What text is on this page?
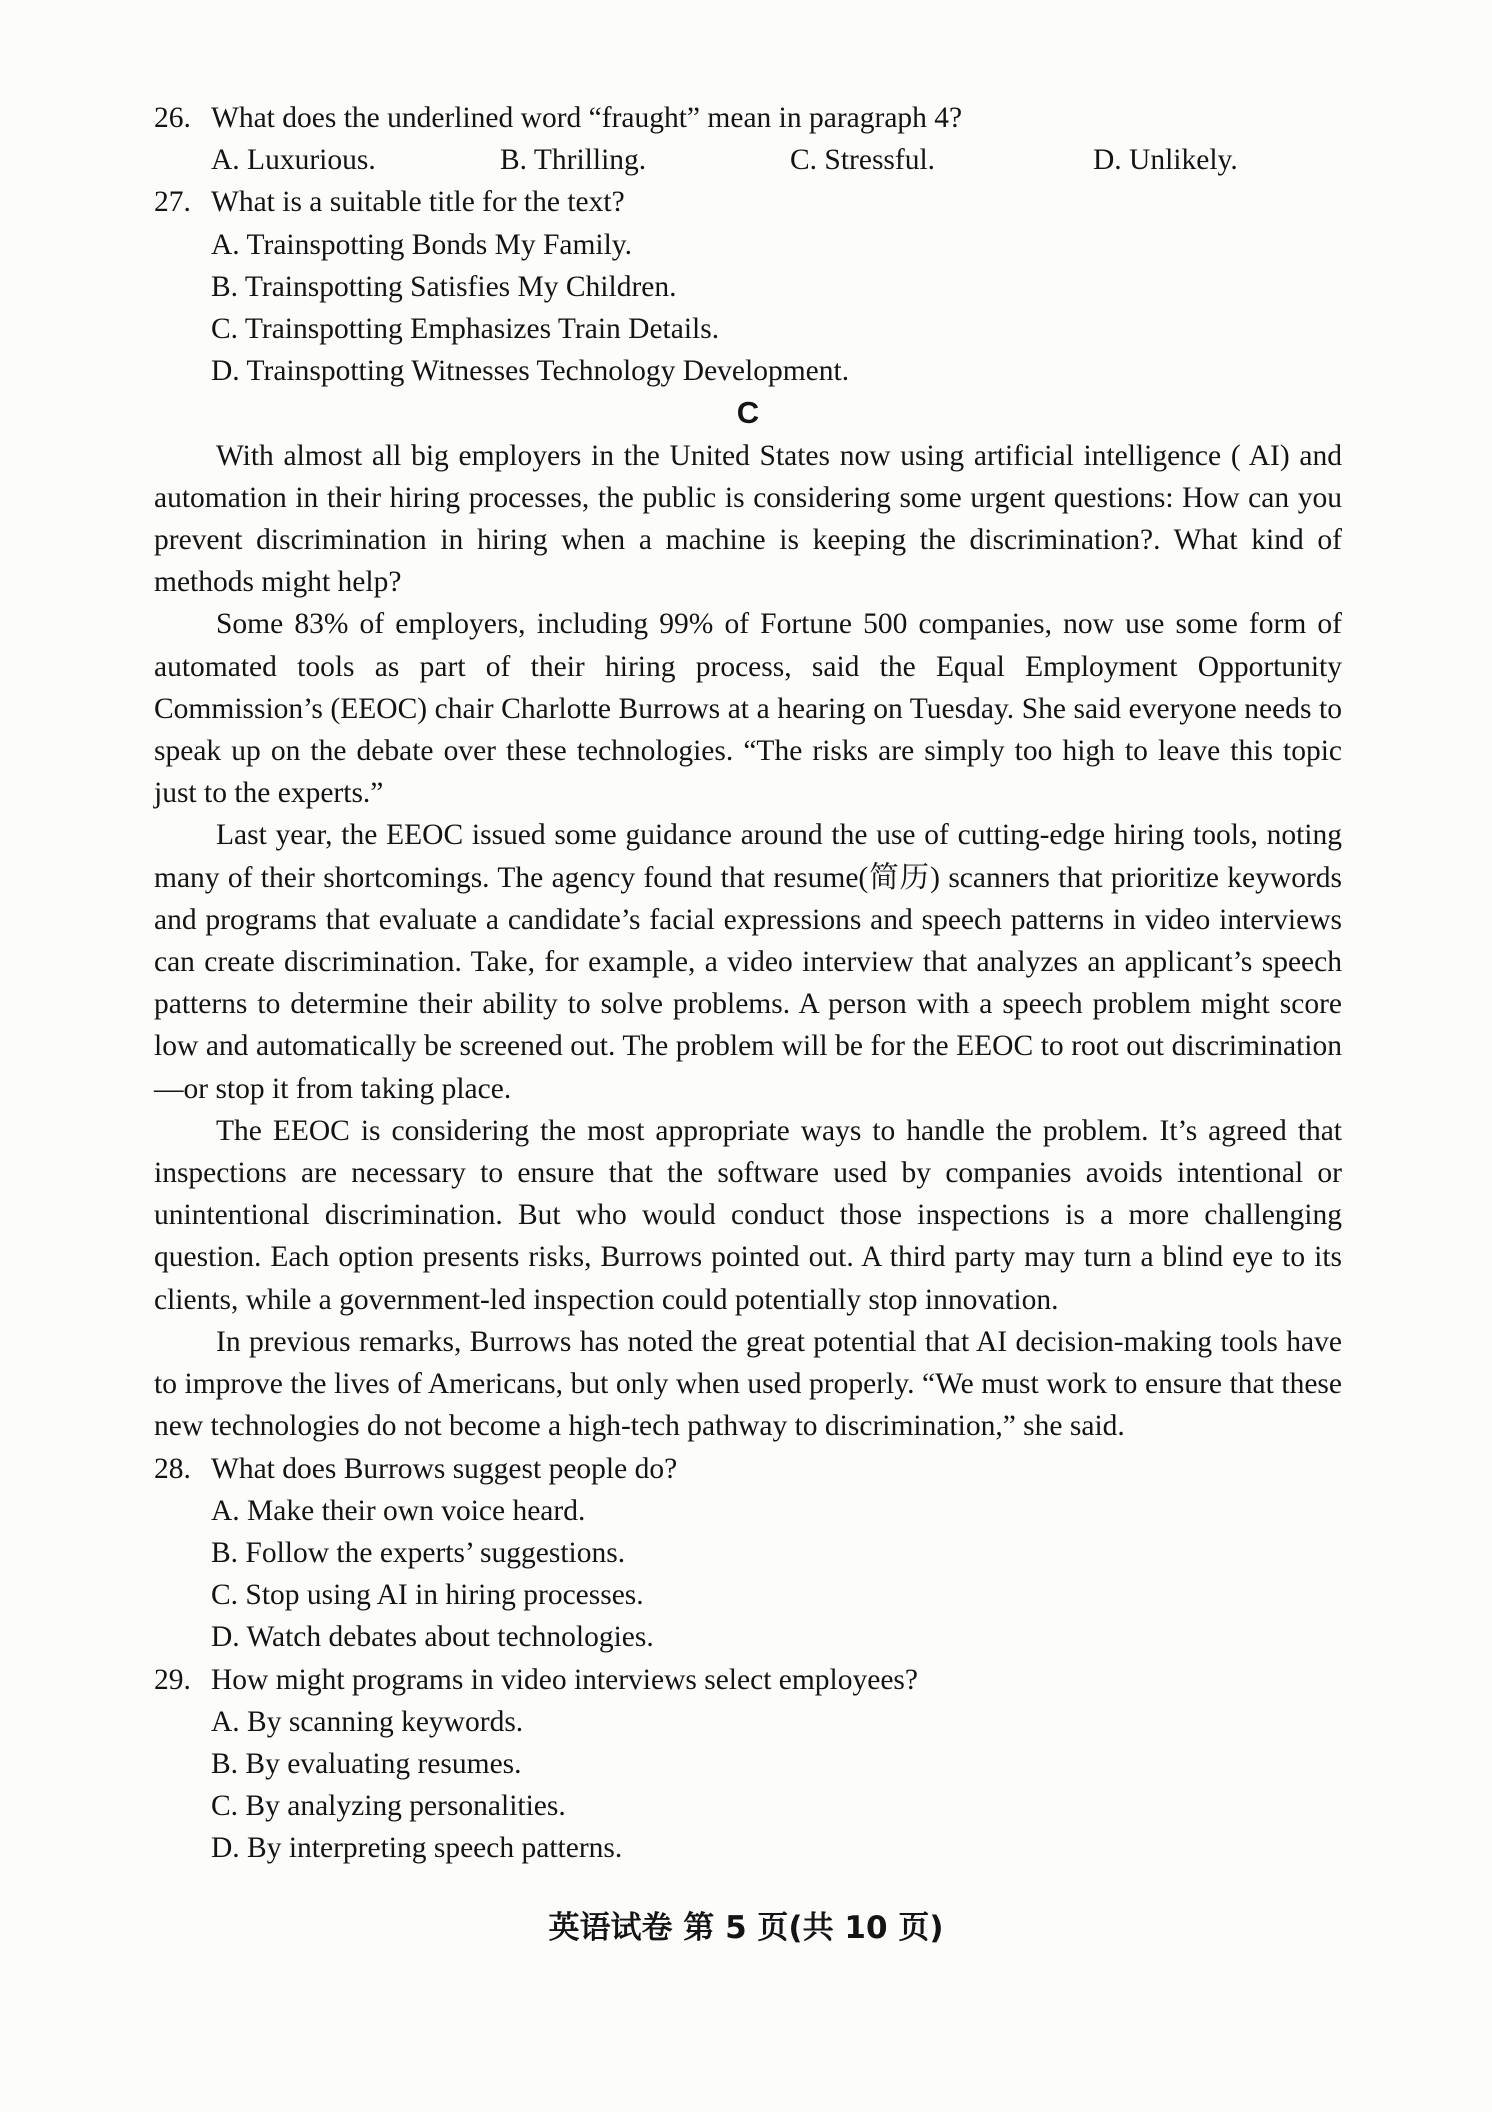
26. What does the underlined word “fraught” mean in paragraph 4?
A. Luxurious.	B. Thrilling.	C. Stressful.	D. Unlikely.
27. What is a suitable title for the text?
A. Trainspotting Bonds My Family.
B. Trainspotting Satisfies My Children.
C. Trainspotting Emphasizes Train Details.
D. Trainspotting Witnesses Technology Development.
C

With almost all big employers in the United States now using artificial intelligence ( AI) and automation in their hiring processes, the public is considering some urgent questions: How can you prevent discrimination in hiring when a machine is keeping the discrimination?. What kind of methods might help?

Some 83% of employers, including 99% of Fortune 500 companies, now use some form of automated tools as part of their hiring process, said the Equal Employment Opportunity Commission’s (EEOC) chair Charlotte Burrows at a hearing on Tuesday. She said everyone needs to speak up on the debate over these technologies. “The risks are simply too high to leave this topic just to the experts.”

Last year, the EEOC issued some guidance around the use of cutting-edge hiring tools, noting many of their shortcomings. The agency found that resume(简历) scanners that prioritize keywords and programs that evaluate a candidate’s facial expressions and speech patterns in video interviews can create discrimination. Take, for example, a video interview that analyzes an applicant’s speech patterns to determine their ability to solve problems. A person with a speech problem might score low and automatically be screened out. The problem will be for the EEOC to root out discrimination—or stop it from taking place.

The EEOC is considering the most appropriate ways to handle the problem. It’s agreed that inspections are necessary to ensure that the software used by companies avoids intentional or unintentional discrimination. But who would conduct those inspections is a more challenging question. Each option presents risks, Burrows pointed out. A third party may turn a blind eye to its clients, while a government-led inspection could potentially stop innovation.

In previous remarks, Burrows has noted the great potential that AI decision-making tools have to improve the lives of Americans, but only when used properly. “We must work to ensure that these new technologies do not become a high-tech pathway to discrimination,” she said.

28. What does Burrows suggest people do?
A. Make their own voice heard.
B. Follow the experts’ suggestions.
C. Stop using AI in hiring processes.
D. Watch debates about technologies.
29. How might programs in video interviews select employees?
A. By scanning keywords.
B. By evaluating resumes.
C. By analyzing personalities.
D. By interpreting speech patterns.
英语试卷 第 5 页(共 10 页)
